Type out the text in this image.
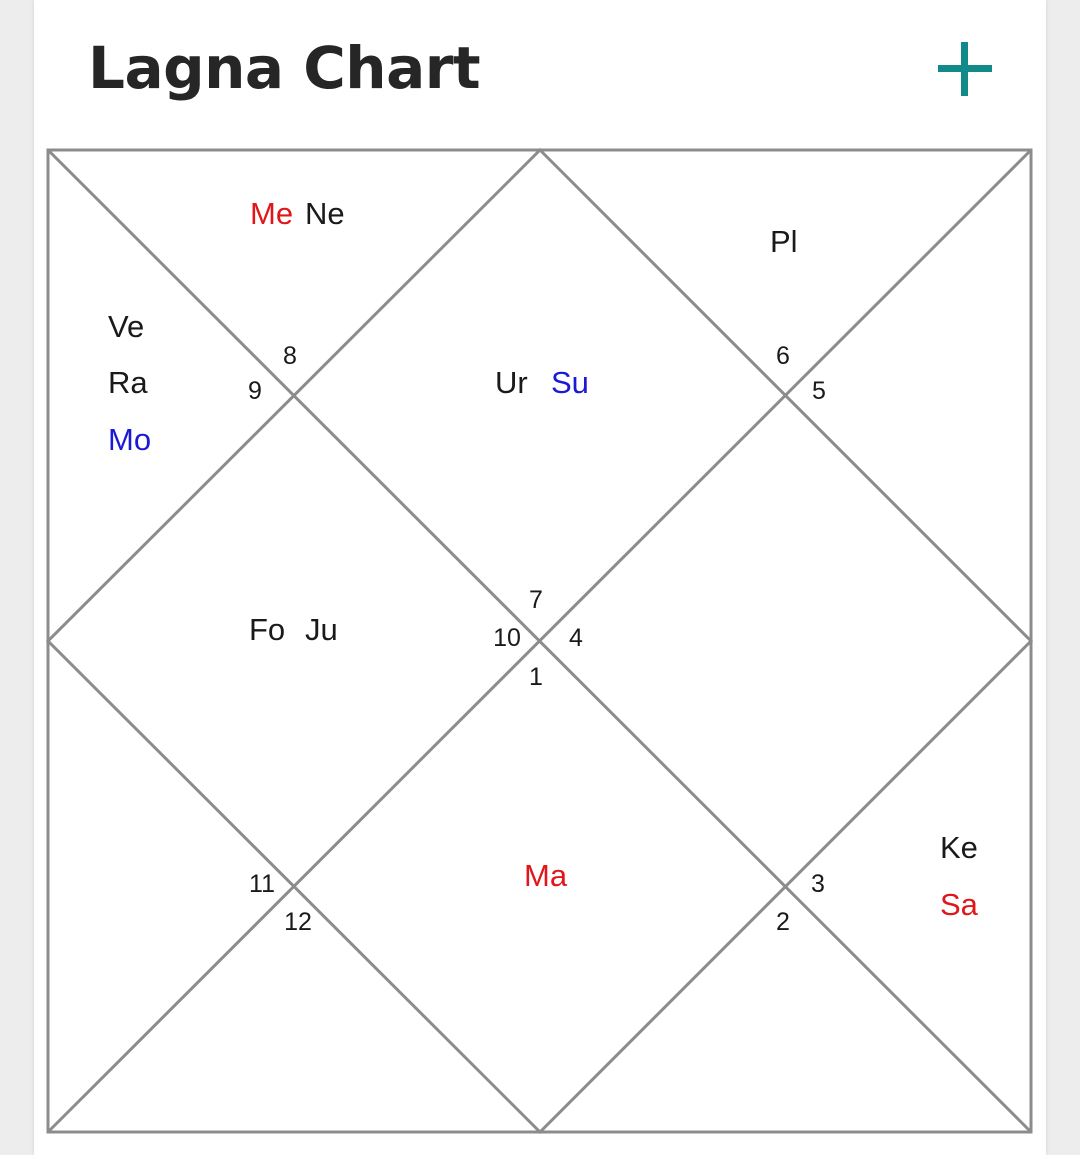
Lagna Chart
1
2
3
4
5
6
7
8
9
10
11
12
Me Ne
Pl
Ve
Ra
Mo
Ur Su
Fo Ju
Ma
Ke
Sa
